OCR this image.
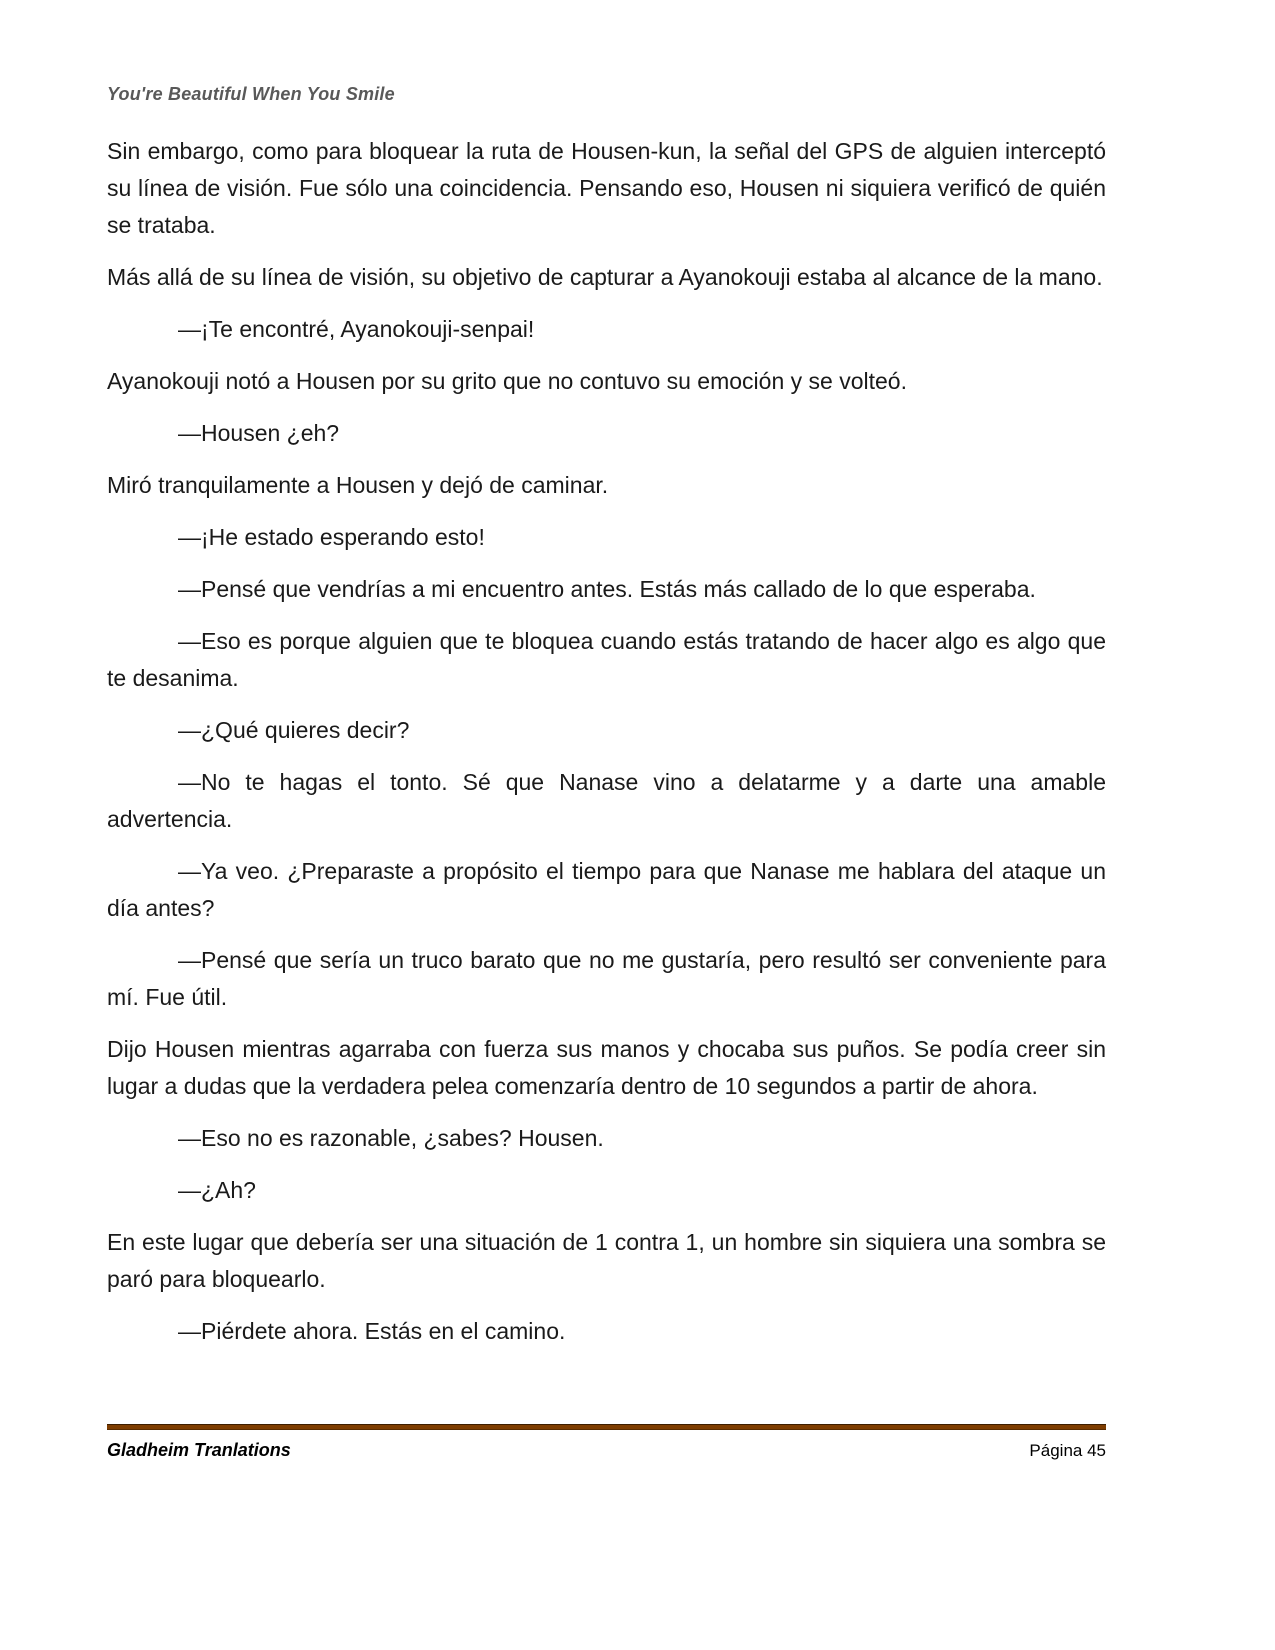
You're Beautiful When You Smile

Sin embargo, como para bloquear la ruta de Housen-kun, la señal del GPS de alguien interceptó su línea de visión. Fue sólo una coincidencia. Pensando eso, Housen ni siquiera verificó de quién se trataba.

Más allá de su línea de visión, su objetivo de capturar a Ayanokouji estaba al alcance de la mano.

—¡Te encontré, Ayanokouji-senpai!

Ayanokouji notó a Housen por su grito que no contuvo su emoción y se volteó.

—Housen ¿eh?

Miró tranquilamente a Housen y dejó de caminar.

—¡He estado esperando esto!

—Pensé que vendrías a mi encuentro antes. Estás más callado de lo que esperaba.

—Eso es porque alguien que te bloquea cuando estás tratando de hacer algo es algo que te desanima.

—¿Qué quieres decir?

—No te hagas el tonto. Sé que Nanase vino a delatarme y a darte una amable advertencia.

—Ya veo. ¿Preparaste a propósito el tiempo para que Nanase me hablara del ataque un día antes?

—Pensé que sería un truco barato que no me gustaría, pero resultó ser conveniente para mí. Fue útil.

Dijo Housen mientras agarraba con fuerza sus manos y chocaba sus puños. Se podía creer sin lugar a dudas que la verdadera pelea comenzaría dentro de 10 segundos a partir de ahora.

—Eso no es razonable, ¿sabes? Housen.

—¿Ah?

En este lugar que debería ser una situación de 1 contra 1, un hombre sin siquiera una sombra se paró para bloquearlo.

—Piérdete ahora. Estás en el camino.

Gladheim Tranlations	Página 45
